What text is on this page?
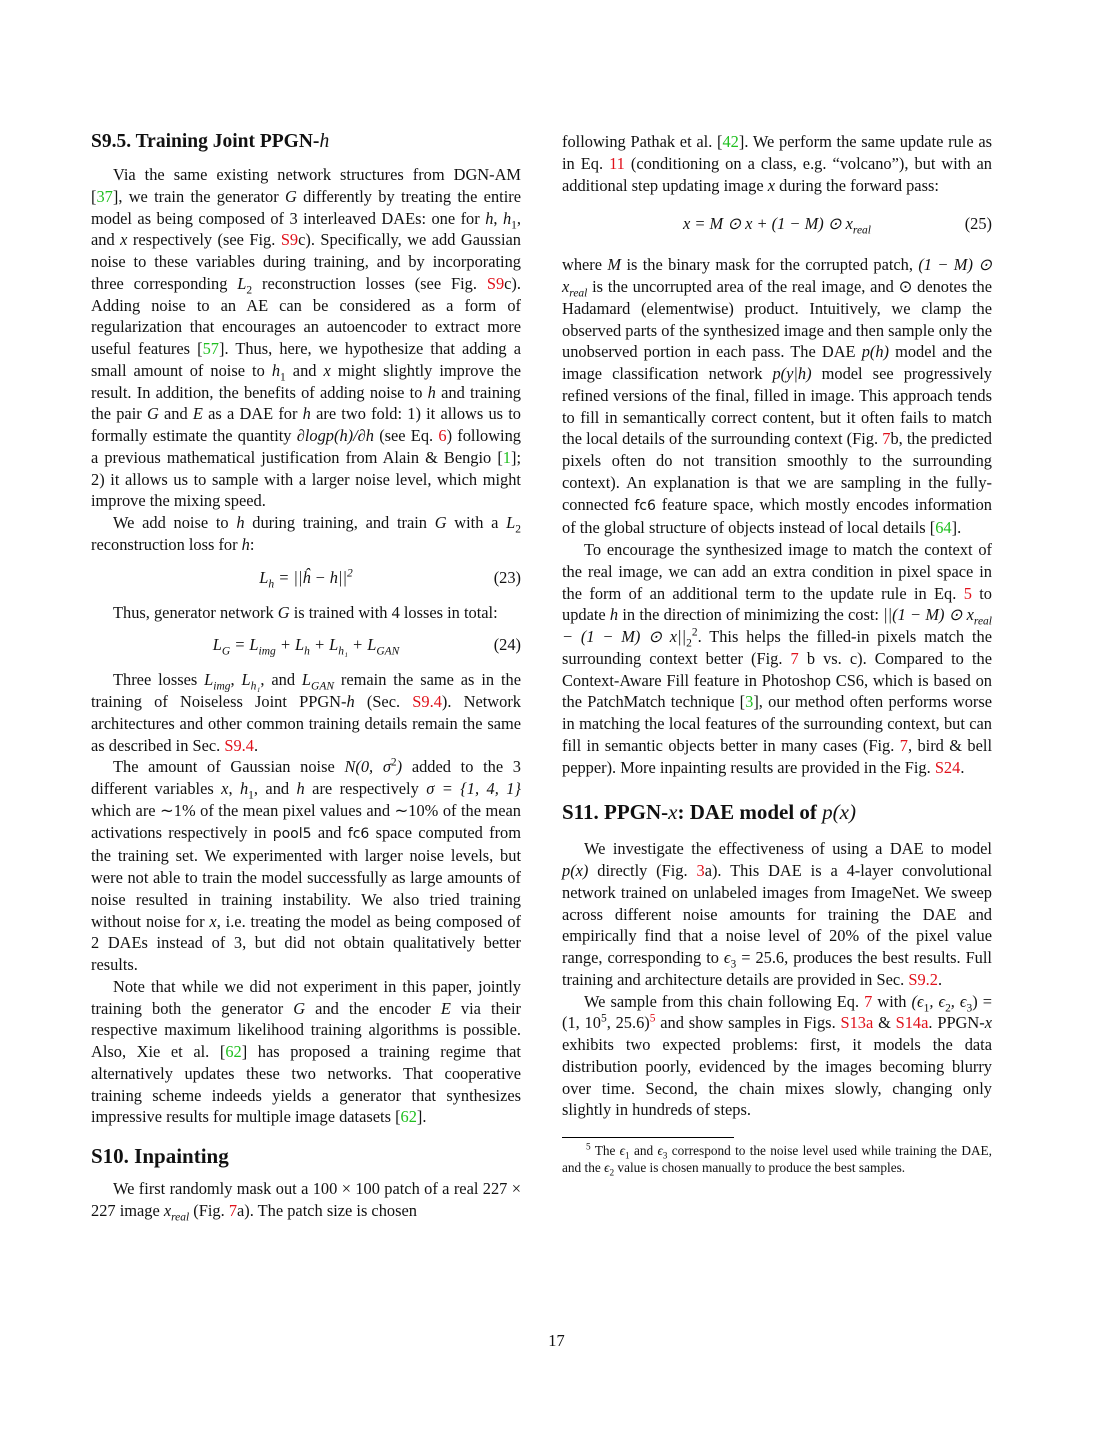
S9.5. Training Joint PPGN-h

Via the same existing network structures from DGN-AM [37], we train the generator G differently by treating the entire model as being composed of 3 interleaved DAEs: one for h, $h_1$, and x respectively (see Fig. S9c). Specifically, we add Gaussian noise to these variables during training, and by incorporating three corresponding $L_2$ reconstruction losses (see Fig. S9c). Adding noise to an AE can be considered as a form of regularization that encourages an autoencoder to extract more useful features [57]. Thus, here, we hypothesize that adding a small amount of noise to $h_1$ and x might slightly improve the result. In addition, the benefits of adding noise to h and training the pair G and E as a DAE for h are two fold: 1) it allows us to formally estimate the quantity ∂logp(h)/∂h (see Eq. 6) following a previous mathematical justification from Alain & Bengio [1]; 2) it allows us to sample with a larger noise level, which might improve the mixing speed.

We add noise to h during training, and train G with a $L_2$ reconstruction loss for h:

$L_h$ = ||ĥ − $h||^2$	(23)

Thus, generator network G is trained with 4 losses in total:

$L_G = L_{img} + L_h + L_{h_1} + L_{GAN}$	(24)

Three losses $L_{img}$, $L_{h_1}$, and $L_{GAN}$ remain the same as in the training of Noiseless Joint PPGN-h (Sec. S9.4). Network architectures and other common training details remain the same as described in Sec. S9.4.

The amount of Gaussian noise N(0, $\sigma^2$) added to the 3 different variables x, $h_1$, and h are respectively σ = {1, 4, 1} which are ∼1% of the mean pixel values and ∼10% of the mean activations respectively in pool5 and fc6 space computed from the training set. We experimented with larger noise levels, but were not able to train the model successfully as large amounts of noise resulted in training instability. We also tried training without noise for x, i.e. treating the model as being composed of 2 DAEs instead of 3, but did not obtain qualitatively better results.

Note that while we did not experiment in this paper, jointly training both the generator G and the encoder E via their respective maximum likelihood training algorithms is possible. Also, Xie et al. [62] has proposed a training regime that alternatively updates these two networks. That cooperative training scheme indeeds yields a generator that synthesizes impressive results for multiple image datasets [62].

S10. Inpainting

We first randomly mask out a 100 × 100 patch of a real 227 × 227 image $x_{real}$ (Fig. 7a). The patch size is chosen

following Pathak et al. [42]. We perform the same update rule as in Eq. 11 (conditioning on a class, e.g. “volcano”), but with an additional step updating image x during the forward pass:

x = M ⊙ x + (1 − M) ⊙ $x_{real}$	(25)

where M is the binary mask for the corrupted patch, (1 − M) ⊙ $x_{real}$ is the uncorrupted area of the real image, and ⊙ denotes the Hadamard (elementwise) product. Intuitively, we clamp the observed parts of the synthesized image and then sample only the unobserved portion in each pass. The DAE p(h) model and the image classification network p(y|h) model see progressively refined versions of the final, filled in image. This approach tends to fill in semantically correct content, but it often fails to match the local details of the surrounding context (Fig. 7b, the predicted pixels often do not transition smoothly to the surrounding context). An explanation is that we are sampling in the fully-connected fc6 feature space, which mostly encodes information of the global structure of objects instead of local details [64].

To encourage the synthesized image to match the context of the real image, we can add an extra condition in pixel space in the form of an additional term to the update rule in Eq. 5 to update h in the direction of minimizing the cost: ||(1 − M) ⊙ $x_{real} - (1 - M)$ ⊙ $x||_2^2$. This helps the filled-in pixels match the surrounding context better (Fig. 7 b vs. c). Compared to the Context-Aware Fill feature in Photoshop CS6, which is based on the PatchMatch technique [3], our method often performs worse in matching the local features of the surrounding context, but can fill in semantic objects better in many cases (Fig. 7, bird & bell pepper). More inpainting results are provided in the Fig. S24.

S11. PPGN-x: DAE model of p(x)

We investigate the effectiveness of using a DAE to model p(x) directly (Fig. 3a). This DAE is a 4-layer convolutional network trained on unlabeled images from ImageNet. We sweep across different noise amounts for training the DAE and empirically find that a noise level of 20% of the pixel value range, corresponding to $\epsilon_3 = 25.6$, produces the best results. Full training and architecture details are provided in Sec. S9.2.

We sample from this chain following Eq. 7 with ($\epsilon_1$, $\epsilon_2$, $\epsilon_3) = (1$, $10^5$, 25.6)$^5$ and show samples in Figs. S13a & S14a. PPGN-x exhibits two expected problems: first, it models the data distribution poorly, evidenced by the images becoming blurry over time. Second, the chain mixes slowly, changing only slightly in hundreds of steps.

$^5$ The $\epsilon_1$ and $\epsilon_3$ correspond to the noise level used while training the DAE, and the $\epsilon_2$ value is chosen manually to produce the best samples.
17
